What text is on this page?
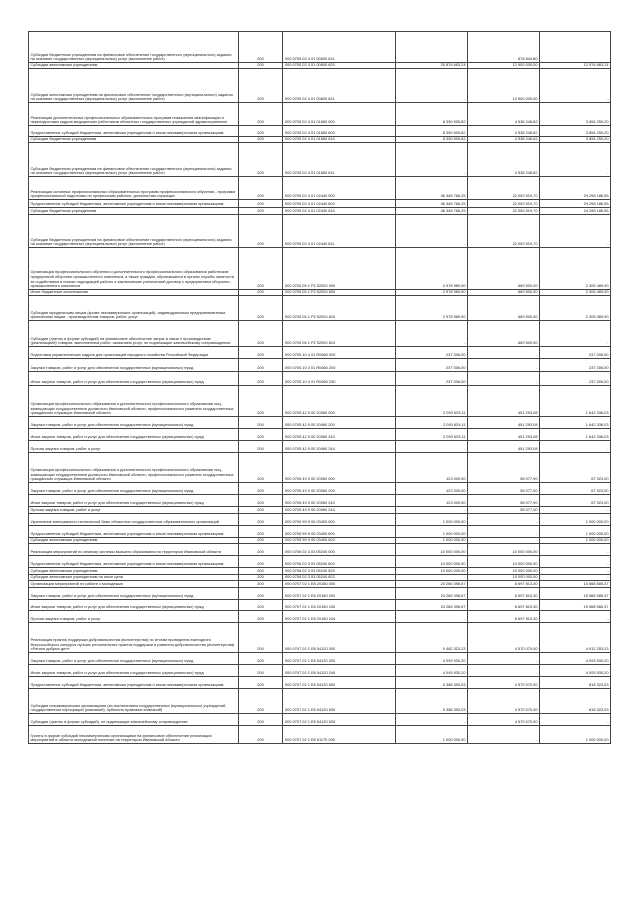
Субсидии бюджетным учреждениям на финансовое обеспечение государственного (муниципального) задания на оказание государственных (муниципальных) услуг (выполнение работ)	200	000 0705 02 4 01 00600 611		878 844,80	
Субсидии автономным учреждениям	200	000 0705 02 4 01 00600 620	25 876 683,24	12 900 000,00	12 976 683,24
Субсидии автономным учреждениям на финансовое обеспечение государственного (муниципального) задания на оказание государственных (муниципальных) услуг (выполнение работ)	200	000 0705 02 4 01 00600 621	-	12 900 000,00	-
Реализация дополнительных профессиональных образовательных программ повышения квалификации и переподготовки кадров медицинских работников областных государственных учреждений здравоохранения	200	000 0705 02 4 01 01660 000	8 390 505,82	4 536 246,62	3 854 259,20
Предоставление субсидий бюджетным, автономным учреждениям и иным некоммерческим организациям	200	000 0705 02 4 01 01660 600	8 390 505,82	4 536 246,62	3 854 259,20
Субсидии бюджетным учреждениям	200	000 0705 02 4 01 01660 610	8 390 505,82	4 536 246,62	3 854 259,20
Субсидии бюджетным учреждениям на финансовое обеспечение государственного (муниципального) задания на оказание государственных (муниципальных) услуг (выполнение работ)	200	000 0705 02 4 01 01660 611	-	4 536 246,62	-
Реализация основных профессиональных образовательных программ профессионального обучения - программ профессиональной подготовки по профессиям рабочих, должностям служащих	200	000 0705 02 4 01 02440 000	46 348 766,25	22 050 519,70	24 298 186,55
Предоставление субсидий бюджетным, автономным учреждениям и иным некоммерческим организациям	200	000 0705 02 4 01 02440 600	46 348 766,25	22 050 519,70	24 298 186,55
Субсидии бюджетным учреждениям	200	000 0705 02 4 01 02440 610	46 348 766,25	22 050 519,70	24 298 186,55
Субсидии бюджетным учреждениям на финансовое обеспечение государственного (муниципального) задания на оказание государственных (муниципальных) услуг (выполнение работ)	200	000 0705 02 4 01 02440 611	-	22 050 519,70	-
Организация профессионального обучения и дополнительного профессионального образования работников предприятий оборонно-промышленного комплекса, а также граждан, обратившихся в органы службы занятости за содействием в поиске подходящей работы и заключивших ученический договор с предприятием оборонно-промышленного комплекса	200	000 0705 05 1 P2 52920 000	2 978 989,90	669 500,00	2 309 489,90
Иные бюджетные ассигнования	200	000 0705 05 1 P2 52920 800	2 978 989,90	669 500,00	2 309 489,90
Субсидии юридическим лицам (кроме некоммерческих организаций), индивидуальным предпринимателям, физическим лицам - производителям товаров, работ, услуг	200	000 0705 05 1 P2 52920 810	2 978 989,90	669 500,00	2 309 489,90
Субсидии (гранты в форме субсидий) на финансовое обеспечение затрат в связи с производством (реализацией) товаров, выполнением работ, оказанием услуг, не подлежащие казначейскому сопровождению	200	000 0705 05 1 P2 52920 813	-	669 500,00	-
Подготовка управленческих кадров для организаций народного хозяйства Российской Федерации	200	000 0705 10 4 01 R0660 000	237 006,00	-	237 006,00
Закупка товаров, работ и услуг для обеспечения государственных (муниципальных) нужд	200	000 0705 10 4 01 R0660 200	237 006,00	-	237 006,00
Иные закупки товаров, работ и услуг для обеспечения государственных (муниципальных) нужд	200	000 0705 10 4 01 R0660 240	237 006,00	-	237 006,00
Организация профессионального образования и дополнительного профессионального образования лиц, замещающих государственные должности Ивановской области, профессионального развития государственных гражданских служащих Ивановской области	200	000 0705 42 9 00 20060 000	2 093 629,11	451 293,08	1 642 336,03
Закупка товаров, работ и услуг для обеспечения государственных (муниципальных) нужд	200	000 0705 42 9 00 20060 200	2 093 629,11	451 293,08	1 642 336,03
Иные закупки товаров, работ и услуг для обеспечения государственных (муниципальных) нужд	200	000 0705 42 9 00 20060 240	2 093 629,11	451 293,08	1 642 336,03
Прочая закупка товаров, работ и услуг	200	000 0705 42 9 00 20060 244	-	451 293,08	-
Организация профессионального образования и дополнительного профессионального образования лиц, замещающих государственные должности Ивановской области, профессионального развития государственных гражданских служащих Ивановской области	200	000 0705 43 9 00 20060 000	123 000,00	55 077,00	67 923,00
Закупка товаров, работ и услуг для обеспечения государственных (муниципальных) нужд	200	000 0705 43 9 00 20060 200	123 000,00	55 077,00	67 923,00
Иные закупки товаров, работ и услуг для обеспечения государственных (муниципальных) нужд	200	000 0705 43 9 00 20060 240	123 000,00	55 077,00	67 923,00
Прочая закупка товаров, работ и услуг	200	000 0705 43 9 00 20060 244	-	55 077,00	-
Укрепление материально-технической базы областных государственных образовательных организаций	200	000 0705 99 9 00 03400 000	1 000 000,00	-	1 000 000,00
Предоставление субсидий бюджетным, автономным учреждениям и иным некоммерческим организациям	200	000 0705 99 9 00 03400 600	1 000 000,00	-	1 000 000,00
Субсидии автономным учреждениям	200	000 0705 99 9 00 03400 620	1 000 000,00	-	1 000 000,00
Реализация мероприятий по анализу системы высшего образования на территории Ивановской области	200	000 0706 02 3 03 05240 000	10 000 000,00	10 000 000,00	-
Предоставление субсидий бюджетным, автономным учреждениям и иным некоммерческим организациям	200	000 0706 02 3 03 05240 600	10 000 000,00	10 000 000,00	-
Субсидии автономным учреждениям	200	000 0706 02 3 03 05240 620	10 000 000,00	10 000 000,00	-
Субсидии автономным учреждениям на иные цели	200	000 0706 02 3 03 05240 622	-	10 000 000,00	-
Организация мероприятий по работе с молодежью	200	000 0707 02 1 E8 20180 000	24 266 398,67	8 697 813,30	15 568 585,37
Закупка товаров, работ и услуг для обеспечения государственных (муниципальных) нужд	200	000 0707 02 1 E8 20180 200	24 266 398,67	8 697 813,30	15 568 585,37
Иные закупки товаров, работ и услуг для обеспечения государственных (муниципальных) нужд	200	000 0707 02 1 E8 20180 240	24 266 398,67	8 697 813,30	15 568 585,37
Прочая закупка товаров, работ и услуг	200	000 0707 02 1 E8 20180 244	-	8 697 813,30	-
Реализация практик поддержки добровольчества (волонтерства) по итогам проведения ежегодного Всероссийского конкурса лучших региональных практик поддержки и развития добровольчества (волонтерства) «Регион добрых дел»	200	000 0707 02 1 E8 54120 000	9 482 323,23	4 570 070,00	4 912 253,23
Закупка товаров, работ и услуг для обеспечения государственных (муниципальных) нужд	200	000 0707 02 1 E8 54120 200	4 093 930,20	-	4 093 930,20
Иные закупки товаров, работ и услуг для обеспечения государственных (муниципальных) нужд	200	000 0707 02 1 E8 54120 240	4 093 930,20	-	4 093 930,20
Предоставление субсидий бюджетным, автономным учреждениям и иным некоммерческим организациям	200	000 0707 02 1 E8 54120 600	5 388 393,03	4 570 070,00	818 323,03
Субсидии некоммерческим организациям (за исключением государственных (муниципальных) учреждений, государственных корпораций (компаний), публично-правовых компаний)	200	000 0707 02 1 E8 54120 630	5 388 393,03	4 570 070,00	818 323,03
Субсидии (гранты в форме субсидий), не подлежащие казначейскому сопровождению	200	000 0707 02 1 E8 54120 633	-	4 570 070,00	-
Гранты в форме субсидий некоммерческим организациям на финансовое обеспечение реализации мероприятий в области молодежной политики на территории Ивановской области	200	000 0707 02 1 E8 61170 000	1 000 000,00	-	1 000 000,00
